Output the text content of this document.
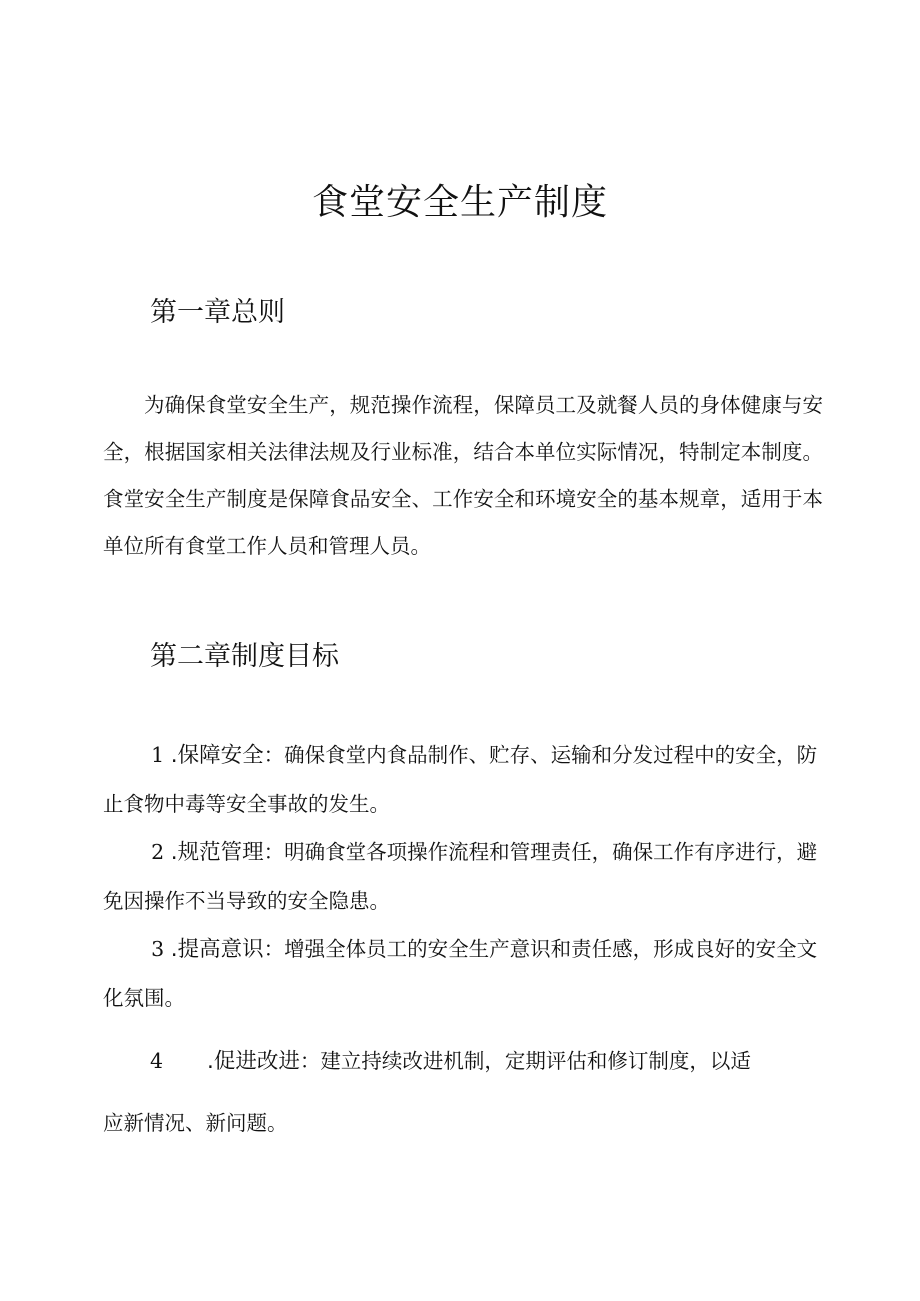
食堂安全生产制度
第一章总则

为确保食堂安全生产，规范操作流程，保障员工及就餐人员的身体健康与安全，根据国家相关法律法规及行业标准，结合本单位实际情况，特制定本制度。食堂安全生产制度是保障食品安全、工作安全和环境安全的基本规章，适用于本单位所有食堂工作人员和管理人员。

第二章制度目标

1 .保障安全：确保食堂内食品制作、贮存、运输和分发过程中的安全，防止食物中毒等安全事故的发生。

2 .规范管理：明确食堂各项操作流程和管理责任，确保工作有序进行，避免因操作不当导致的安全隐患。

3 .提高意识：增强全体员工的安全生产意识和责任感，形成良好的安全文化氛围。

4 .促进改进：建立持续改进机制，定期评估和修订制度，以适

应新情况、新问题。
